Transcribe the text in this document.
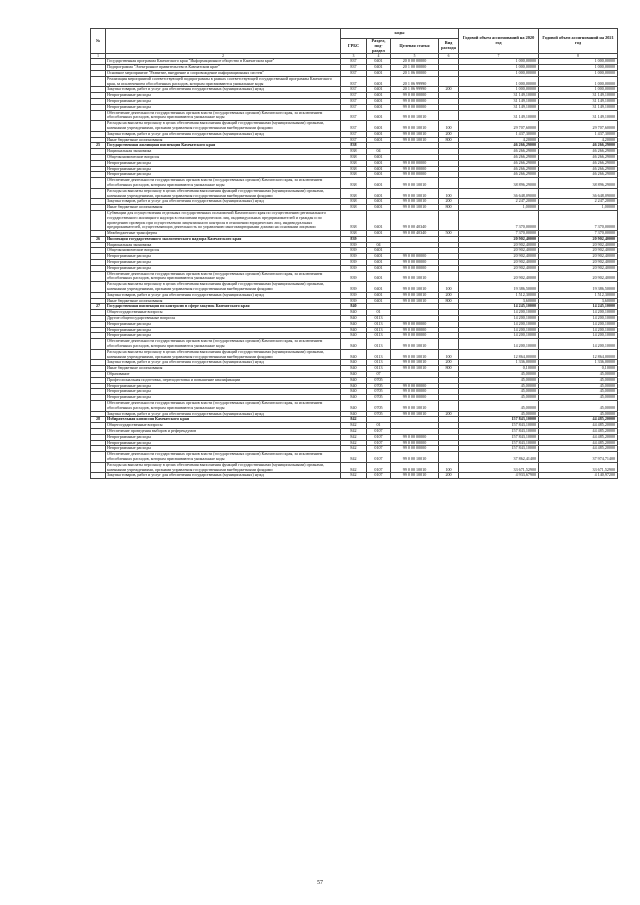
№		коды				Годовой объем ассигнований на 2020 год	Годовой объем ассигнований на 2021 год
		ГРБС	Раздел, под- раздел	Целевая статья	Вид расхода		
1	2	3	4	5	6	7	8
	Государственная программа Камчатского края "Информационное общество в Камчатском крае"	837	0401	20 0 00 00000		1 000,00000	1 000,00000
	Подпрограмма "Электронное правительство в Камчатском крае"	837	0401	20 1 00 00000		1 000,00000	1 000,00000
	Основное мероприятие "Развитие, внедрение и сопровождение информационных систем"	837	0401	20 1 06 00000		1 000,00000	1 000,00000
	Реализация мероприятий соответствующей подпрограммы в рамках соответствующей государственной программы Камчатского края, за исключением обособленных расходов, которым присваиваются уникальные коды	837	0401	20 1 06 99990		1 000,00000	1 000,00000
	Закупка товаров, работ и услуг для обеспечения государственных (муниципальных) нужд	837	0401	20 1 06 99990	200	1 000,00000	1 000,00000
	Непрограммные расходы	837	0401	99 0 00 00000		31 149,10000	31 149,10000
	Непрограммные расходы	837	0401	99 0 00 00000		31 149,10000	31 149,10000
	Непрограммные расходы	837	0401	99 0 00 00000		31 149,10000	31 149,10000
	Обеспечение деятельности государственных органов власти (государственных органов) Камчатского края, за исключением обособленных расходов, которым присваиваются уникальные коды	837	0401	99 0 00 10010		31 149,10000	31 149,10000
	Расходы на выплаты персоналу в целях обеспечения выполнения функций государственными (муниципальными) органами, казенными учреждениями, органами управления государственными внебюджетными фондами	837	0401	99 0 00 10010	100	29 707,60000	29 707,60000
	Закупка товаров, работ и услуг для обеспечения государственных (муниципальных) нужд	837	0401	99 0 00 10010	200	1 437,30000	1 437,30000
	Иные бюджетные ассигнования	837	0401	99 0 00 10010	800	4,20000	4,20000
25	Государственная жилищная инспекция Камчатского края	838				46 266,29000	46 266,29000
	Национальная экономика	838	04			46 266,29000	46 266,29000
	Общеэкономические вопросы	838	0401			46 266,29000	46 266,29000
	Непрограммные расходы	838	0401	99 0 00 00000		46 266,29000	46 266,29000
	Непрограммные расходы	838	0401	99 0 00 00000		46 266,29000	46 266,29000
	Непрограммные расходы	838	0401	99 0 00 00000		46 266,29000	46 266,29000
	Обеспечение деятельности государственных органов власти (государственных органов) Камчатского края, за исключением обособленных расходов, которым присваиваются уникальные коды	838	0401	99 0 00 10010		38 896,29000	38 896,29000
	Расходы на выплаты персоналу в целях обеспечения выполнения функций государственными (муниципальными) органами, казенными учреждениями, органами управления государственными внебюджетными фондами	838	0401	99 0 00 10010	100	36 648,09000	36 648,09000
	Закупка товаров, работ и услуг для обеспечения государственных (муниципальных) нужд	838	0401	99 0 00 10010	200	2 247,20000	2 247,20000
	Иные бюджетные ассигнования	838	0401	99 0 00 10010	800	1,00000	1,00000
	Субвенции для осуществления отдельных государственных полномочий Камчатского края по осуществлению регионального государственного жилищного надзора в отношении юридических лиц, индивидуальных предпринимателей и граждан и по проведению проверок при осуществлении лицензионного контроля в отношении юридических лиц, индивидуальных предпринимателей, осуществляющих деятельность по управлению многоквартирными домами на основании лицензии	838	0401	99 0 00 40340		7 370,00000	7 370,00000
	Межбюджетные трансферты	838	0401	99 0 00 40340	500	7 370,00000	7 370,00000
26	Инспекция государственного экологического надзора Камчатского края	839				20 902,40000	20 902,40000
	Национальная экономика	839	04			20 902,40000	20 902,40000
	Общеэкономические вопросы	839	0401			20 902,40000	20 902,40000
	Непрограммные расходы	839	0401	99 0 00 00000		20 902,40000	20 902,40000
	Непрограммные расходы	839	0401	99 0 00 00000		20 902,40000	20 902,40000
	Непрограммные расходы	839	0401	99 0 00 00000		20 902,40000	20 902,40000
	Обеспечение деятельности государственных органов власти (государственных органов) Камчатского края, за исключением обособленных расходов, которым присваиваются уникальные коды	839	0401	99 0 00 10010		20 902,40000	20 902,40000
	Расходы на выплаты персоналу в целях обеспечения выполнения функций государственными (муниципальными) органами, казенными учреждениями, органами управления государственными внебюджетными фондами	839	0401	99 0 00 10010	100	19 386,50000	19 386,50000
	Закупка товаров, работ и услуг для обеспечения государственных (муниципальных) нужд	839	0401	99 0 00 10010	200	1 512,30000	1 512,30000
	Иные бюджетные ассигнования	839	0401	99 0 00 10010	800	3,60000	3,60000
27	Государственная инспекция по контролю в сфере закупок Камчатского края	840				14 245,10000	14 245,10000
	Общегосударственные вопросы	840	01			14 200,10000	14 200,10000
	Другие общегосударственные вопросы	840	0113			14 200,10000	14 200,10000
	Непрограммные расходы	840	0113	99 0 00 00000		14 200,10000	14 200,10000
	Непрограммные расходы	840	0113	99 0 00 00000		14 200,10000	14 200,10000
	Непрограммные расходы	840	0113	99 0 00 00000		14 200,10000	14 200,10000
	Обеспечение деятельности государственных органов власти (государственных органов) Камчатского края, за исключением обособленных расходов, которым присваиваются уникальные коды	840	0113	99 0 00 10010		14 200,10000	14 200,10000
	Расходы на выплаты персоналу в целях обеспечения выполнения функций государственными (муниципальными) органами, казенными учреждениями, органами управления государственными внебюджетными фондами	840	0113	99 0 00 10010	100	12 864,00000	12 864,00000
	Закупка товаров, работ и услуг для обеспечения государственных (муниципальных) нужд	840	0113	99 0 00 10010	200	1 336,00000	1 336,00000
	Иные бюджетные ассигнования	840	0113	99 0 00 10010	800	0,10000	0,10000
	Образование	840	07			45,00000	45,00000
	Профессиональная подготовка, переподготовка и повышение квалификации	840	0705			45,00000	45,00000
	Непрограммные расходы	840	0705	99 0 00 00000		45,00000	45,00000
	Непрограммные расходы	840	0705	99 0 00 00000		45,00000	45,00000
	Непрограммные расходы	840	0705	99 0 00 00000		45,00000	45,00000
	Обеспечение деятельности государственных органов власти (государственных органов) Камчатского края, за исключением обособленных расходов, которым присваиваются уникальные коды	840	0705	99 0 00 10010		45,00000	45,00000
	Закупка товаров, работ и услуг для обеспечения государственных (муниципальных) нужд	840	0705	99 0 00 10010	200	45,00000	45,00000
28	Избирательная комиссия Камчатского края	842				157 843,10000	44 485,20000
	Общегосударственные вопросы	842	01			157 843,10000	44 485,20000
	Обеспечение проведения выборов и референдумов	842	0107			157 843,10000	44 485,20000
	Непрограммные расходы	842	0107	99 0 00 00000		157 843,10000	44 485,20000
	Непрограммные расходы	842	0107	99 0 00 00000		157 843,10000	44 485,20000
	Непрограммные расходы	842	0107	99 0 00 00000		157 843,10000	44 485,20000
	Обеспечение деятельности государственных органов власти (государственных органов) Камчатского края, за исключением обособленных расходов, которым присваиваются уникальные коды	842	0107	99 0 00 10010		37 862,41400	37 974,71400
	Расходы на выплаты персоналу в целях обеспечения выполнения функций государственными (муниципальными) органами, казенными учреждениями, органами управления государственными внебюджетными фондами	842	0107	99 0 00 10010	100	33 671,52900	33 671,52900
	Закупка товаров, работ и услуг для обеспечения государственных (муниципальных) нужд	842	0107	99 0 00 10010	200	4 933,67900	4 140,97200
57
